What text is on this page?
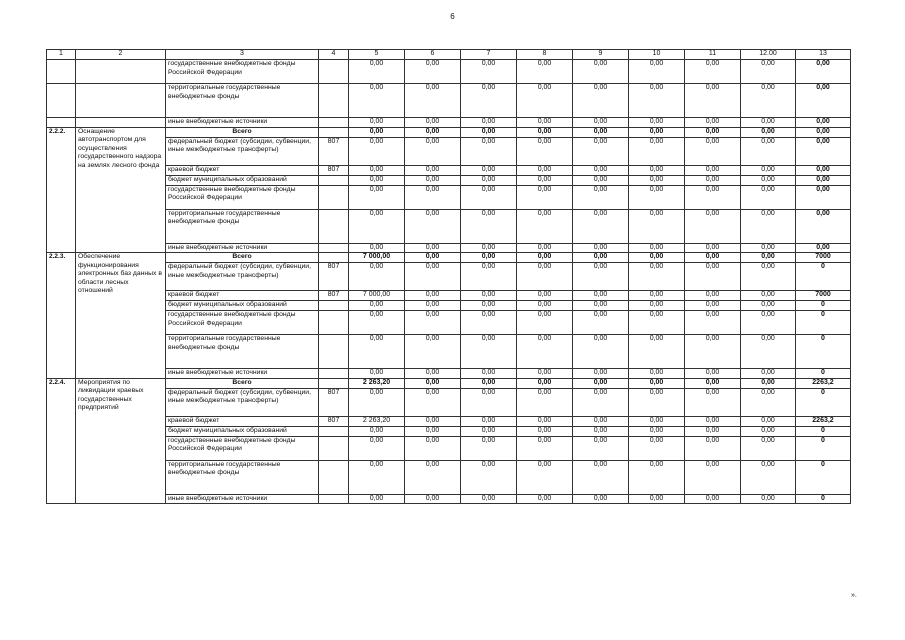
6
1	2	3	4	5	6	7	8	9	10	11	12.00	13
		государственные внебюджетные фонды Российской Федерации		0,00	0,00	0,00	0,00	0,00	0,00	0,00	0,00	0,00
		территориальные государственные внебюджетные фонды		0,00	0,00	0,00	0,00	0,00	0,00	0,00	0,00	0,00
		иные внебюджетные источники		0,00	0,00	0,00	0,00	0,00	0,00	0,00	0,00	0,00
2.2.2.	Оснащение автотранспортом для осуществления государственного надзора на землях лесного фонда	Всего		0,00	0,00	0,00	0,00	0,00	0,00	0,00	0,00	0,00
		федеральный бюджет (субсидии, субвенции, иные межбюджетные трансферты)	807	0,00	0,00	0,00	0,00	0,00	0,00	0,00	0,00	0,00
		краевой бюджет	807	0,00	0,00	0,00	0,00	0,00	0,00	0,00	0,00	0,00
		бюджет муниципальных образований		0,00	0,00	0,00	0,00	0,00	0,00	0,00	0,00	0,00
		государственные внебюджетные фонды Российской Федерации		0,00	0,00	0,00	0,00	0,00	0,00	0,00	0,00	0,00
		территориальные государственные внебюджетные фонды		0,00	0,00	0,00	0,00	0,00	0,00	0,00	0,00	0,00
		иные внебюджетные источники		0,00	0,00	0,00	0,00	0,00	0,00	0,00	0,00	0,00
2.2.3.	Обеспечение функционирования электронных баз данных в области лесных отношений	Всего		7 000,00	0,00	0,00	0,00	0,00	0,00	0,00	0,00	7000
		федеральный бюджет (субсидии, субвенции, иные межбюджетные трансферты)	807	0,00	0,00	0,00	0,00	0,00	0,00	0,00	0,00	0
		краевой бюджет	807	7 000,00	0,00	0,00	0,00	0,00	0,00	0,00	0,00	7000
		бюджет муниципальных образований		0,00	0,00	0,00	0,00	0,00	0,00	0,00	0,00	0
		государственные внебюджетные фонды Российской Федерации		0,00	0,00	0,00	0,00	0,00	0,00	0,00	0,00	0
		территориальные государственные внебюджетные фонды		0,00	0,00	0,00	0,00	0,00	0,00	0,00	0,00	0
		иные внебюджетные источники		0,00	0,00	0,00	0,00	0,00	0,00	0,00	0,00	0
2.2.4.	Мероприятия по ликвидации краевых государственных предприятий	Всего		2 263,20	0,00	0,00	0,00	0,00	0,00	0,00	0,00	2263,2
		федеральный бюджет (субсидии, субвенции, иные межбюджетные трансферты)	807	0,00	0,00	0,00	0,00	0,00	0,00	0,00	0,00	0
		краевой бюджет	807	2 263,20	0,00	0,00	0,00	0,00	0,00	0,00	0,00	2263,2
		бюджет муниципальных образований		0,00	0,00	0,00	0,00	0,00	0,00	0,00	0,00	0
		государственные внебюджетные фонды Российской Федерации		0,00	0,00	0,00	0,00	0,00	0,00	0,00	0,00	0
		территориальные государственные внебюджетные фонды		0,00	0,00	0,00	0,00	0,00	0,00	0,00	0,00	0
		иные внебюджетные источники		0,00	0,00	0,00	0,00	0,00	0,00	0,00	0,00	0
».
